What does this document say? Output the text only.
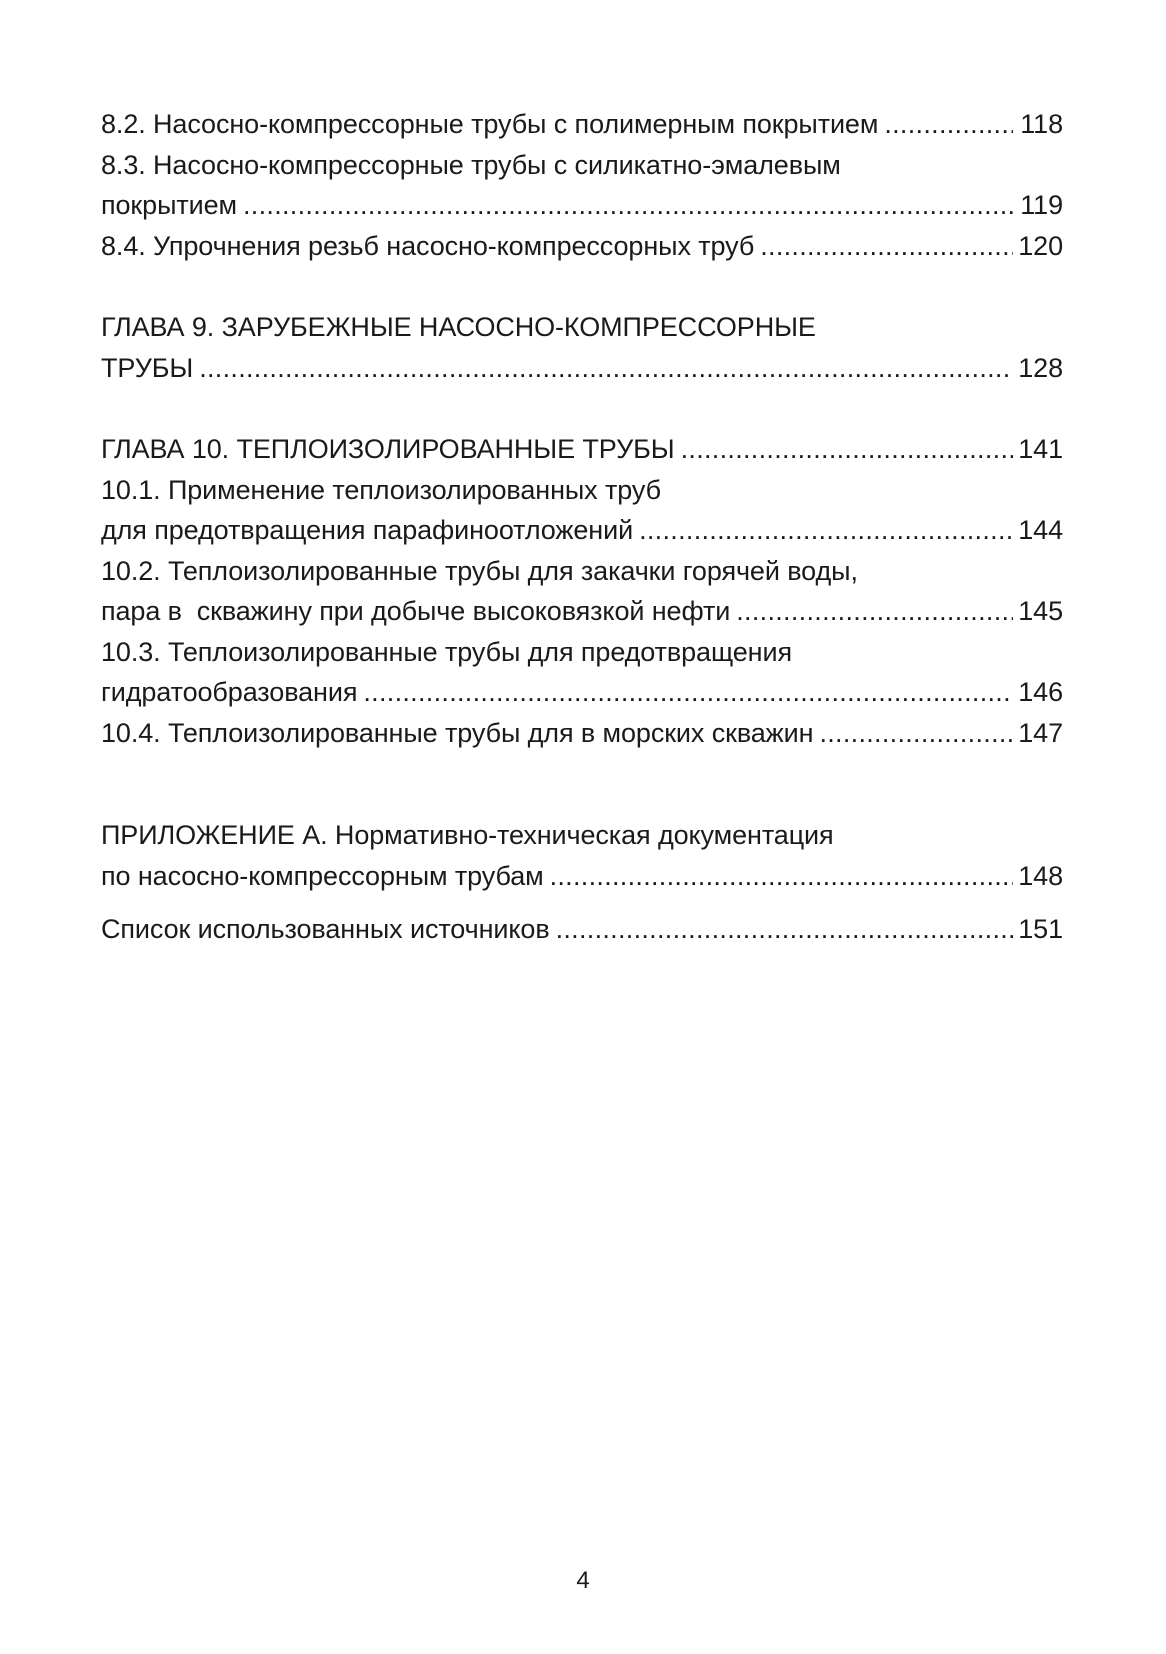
8.2. Насосно-компрессорные трубы с полимерным покрытием .....	118
8.3. Насосно-компрессорные трубы с силикатно-эмалевым
покрытием .....	119
8.4. Упрочнения резьб насосно-компрессорных труб .....	120
ГЛАВА 9. ЗАРУБЕЖНЫЕ НАСОСНО-КОМПРЕССОРНЫЕ
ТРУБЫ .....	128
ГЛАВА 10. ТЕПЛОИЗОЛИРОВАННЫЕ ТРУБЫ .....	141
10.1. Применение теплоизолированных труб
для предотвращения парафиноотложений .....	144
10.2. Теплоизолированные трубы для закачки горячей воды,
пара в  скважину при добыче высоковязкой нефти .....	145
10.3. Теплоизолированные трубы для предотвращения
гидратообразования .....	146
10.4. Теплоизолированные трубы для в морских скважин .....	147
ПРИЛОЖЕНИЕ А. Нормативно-техническая документация
по насосно-компрессорным трубам .....	148
Список использованных источников .....	151
4
